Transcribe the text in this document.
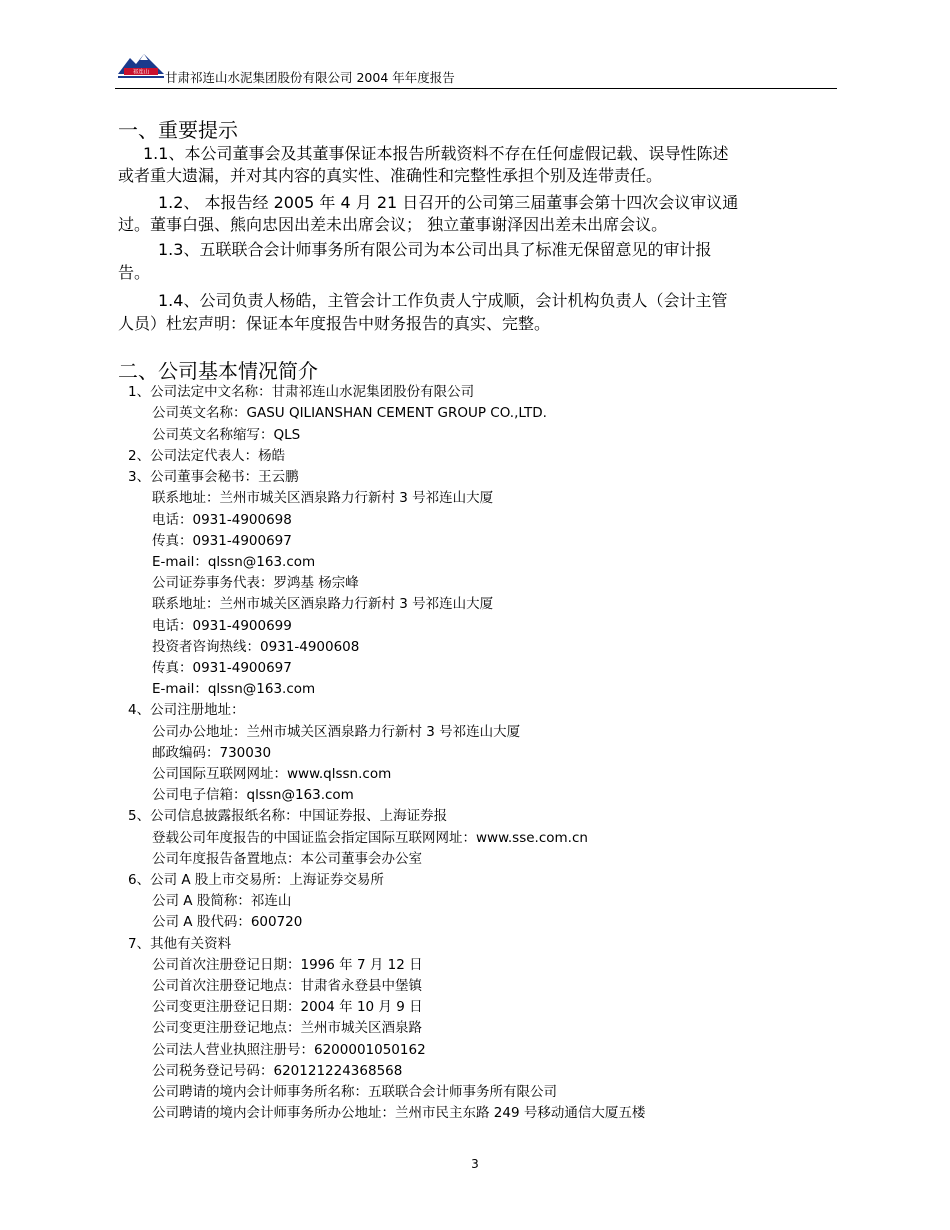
祁连山 甘肃祁连山水泥集团股份有限公司 2004 年年度报告
一、重要提示
1.1、本公司董事会及其董事保证本报告所载资料不存在任何虚假记载、误导性陈述
或者重大遗漏，并对其内容的真实性、准确性和完整性承担个别及连带责任。
1.2、 本报告经 2005 年 4 月 21 日召开的公司第三届董事会第十四次会议审议通
过。董事白强、熊向忠因出差未出席会议； 独立董事谢泽因出差未出席会议。
1.3、五联联合会计师事务所有限公司为本公司出具了标准无保留意见的审计报
告。
1.4、公司负责人杨皓，主管会计工作负责人宁成顺，会计机构负责人（会计主管
人员）杜宏声明：保证本年度报告中财务报告的真实、完整。
二、公司基本情况简介
1、公司法定中文名称：甘肃祁连山水泥集团股份有限公司
公司英文名称：GASU QILIANSHAN CEMENT GROUP CO.,LTD.
公司英文名称缩写：QLS
2、公司法定代表人：杨皓
3、公司董事会秘书：王云鹏
联系地址：兰州市城关区酒泉路力行新村 3 号祁连山大厦
电话：0931-4900698
传真：0931-4900697
E-mail：qlssn@163.com
公司证券事务代表：罗鸿基 杨宗峰
联系地址：兰州市城关区酒泉路力行新村 3 号祁连山大厦
电话：0931-4900699
投资者咨询热线：0931-4900608
传真：0931-4900697
E-mail：qlssn@163.com
4、公司注册地址：
公司办公地址：兰州市城关区酒泉路力行新村 3 号祁连山大厦
邮政编码：730030
公司国际互联网网址：www.qlssn.com
公司电子信箱：qlssn@163.com
5、公司信息披露报纸名称：中国证券报、上海证券报
登载公司年度报告的中国证监会指定国际互联网网址：www.sse.com.cn
公司年度报告备置地点：本公司董事会办公室
6、公司 A 股上市交易所：上海证券交易所
公司 A 股简称：祁连山
公司 A 股代码：600720
7、其他有关资料
公司首次注册登记日期：1996 年 7 月 12 日
公司首次注册登记地点：甘肃省永登县中堡镇
公司变更注册登记日期：2004 年 10 月 9 日
公司变更注册登记地点：兰州市城关区酒泉路
公司法人营业执照注册号：6200001050162
公司税务登记号码：620121224368568
公司聘请的境内会计师事务所名称：五联联合会计师事务所有限公司
公司聘请的境内会计师事务所办公地址：兰州市民主东路 249 号移动通信大厦五楼
3
